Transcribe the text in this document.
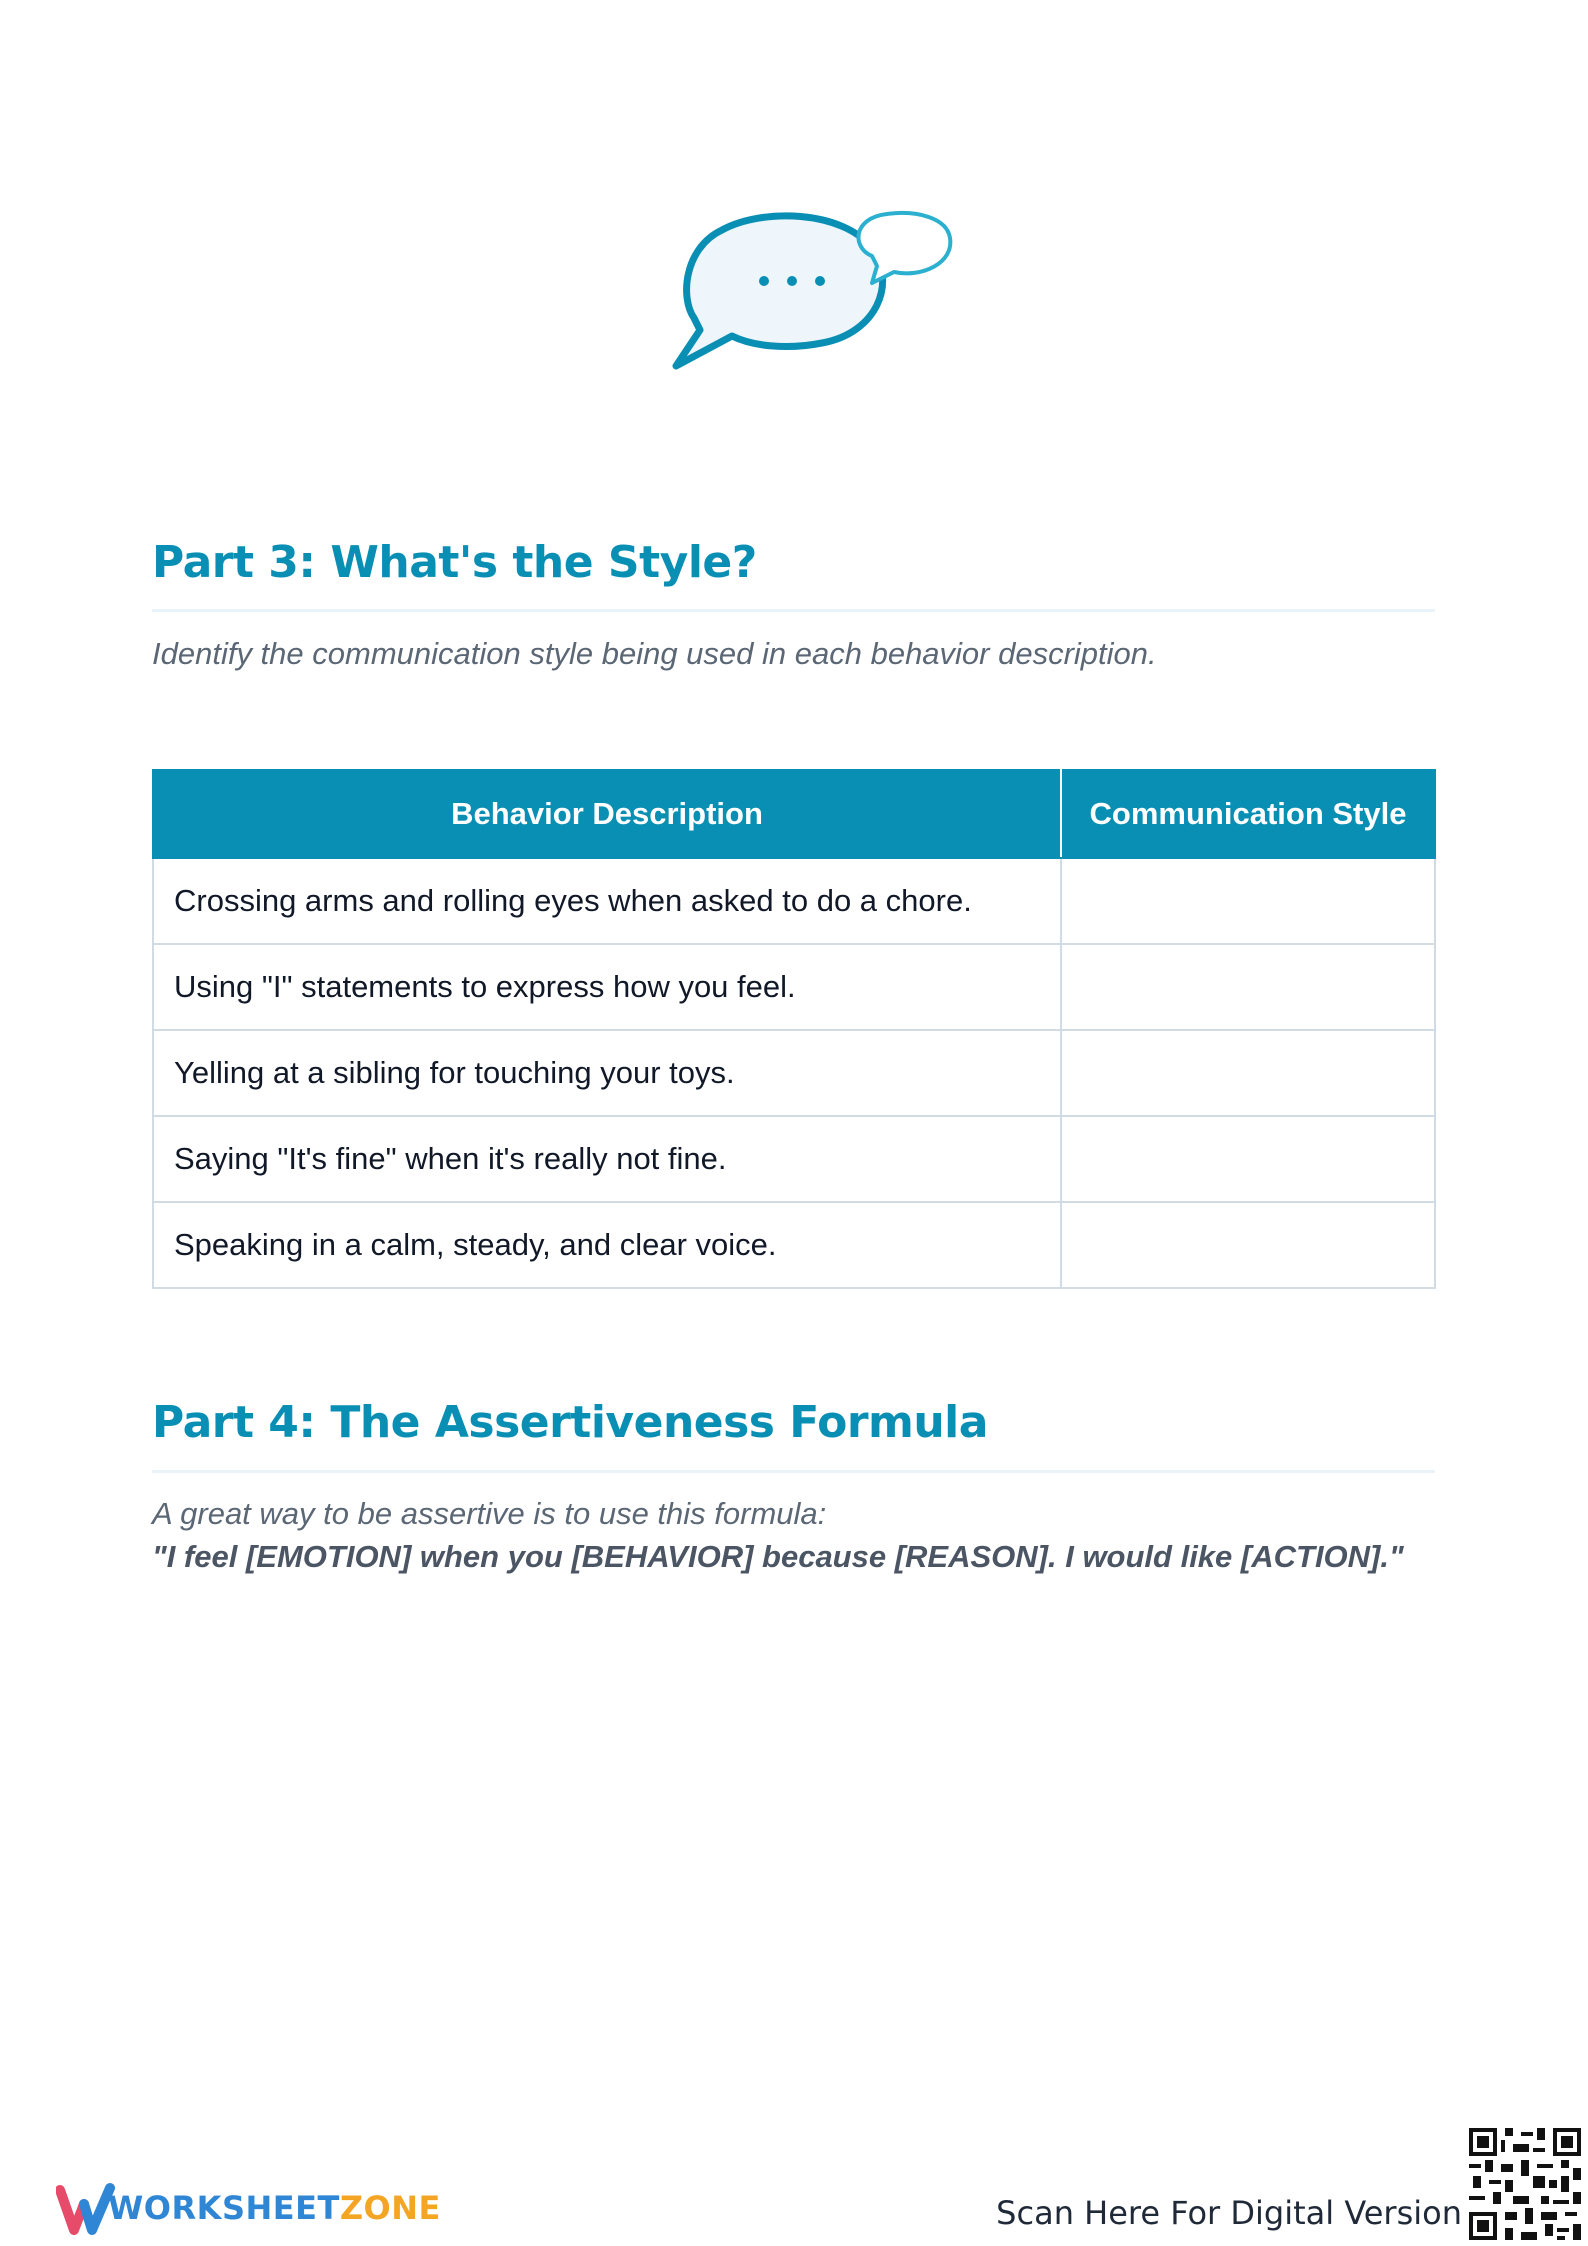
Part 3: What's the Style?
Identify the communication style being used in each behavior description.
Behavior Description	Communication Style
Crossing arms and rolling eyes when asked to do a chore.	
Using "I" statements to express how you feel.	
Yelling at a sibling for touching your toys.	
Saying "It's fine" when it's really not fine.	
Speaking in a calm, steady, and clear voice.	
Part 4: The Assertiveness Formula
A great way to be assertive is to use this formula:
"I feel [EMOTION] when you [BEHAVIOR] because [REASON]. I would like [ACTION]."
WORKSHEETZONE	Scan Here For Digital Version
